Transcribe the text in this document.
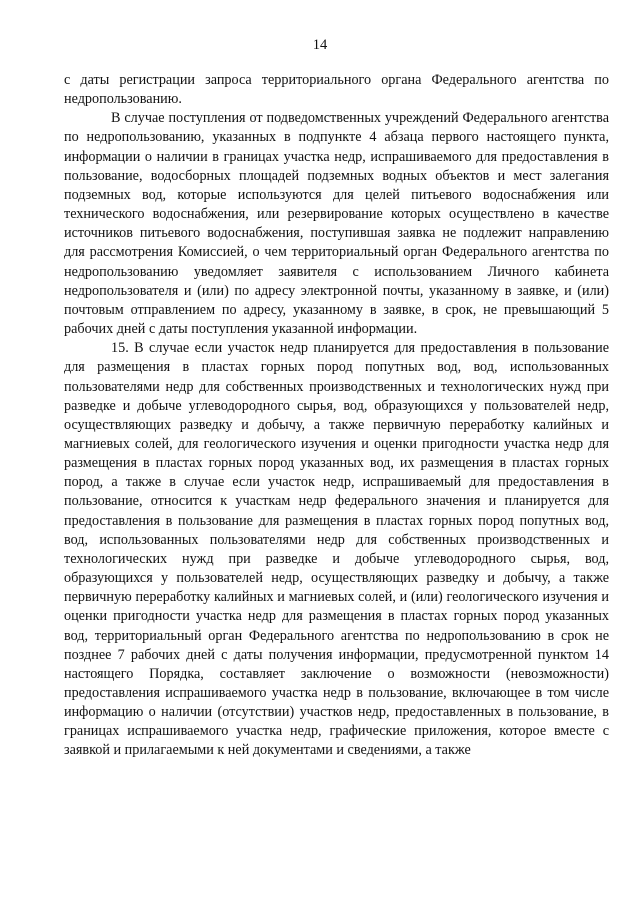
14

с даты регистрации запроса территориального органа Федерального агентства по недропользованию.

В случае поступления от подведомственных учреждений Федерального агентства по недропользованию, указанных в подпункте 4 абзаца первого настоящего пункта, информации о наличии в границах участка недр, испрашиваемого для предоставления в пользование, водосборных площадей подземных водных объектов и мест залегания подземных вод, которые используются для целей питьевого водоснабжения или технического водоснабжения, или резервирование которых осуществлено в качестве источников питьевого водоснабжения, поступившая заявка не подлежит направлению для рассмотрения Комиссией, о чем территориальный орган Федерального агентства по недропользованию уведомляет заявителя с использованием Личного кабинета недропользователя и (или) по адресу электронной почты, указанному в заявке, и (или) почтовым отправлением по адресу, указанному в заявке, в срок, не превышающий 5 рабочих дней с даты поступления указанной информации.

15. В случае если участок недр планируется для предоставления в пользование для размещения в пластах горных пород попутных вод, вод, использованных пользователями недр для собственных производственных и технологических нужд при разведке и добыче углеводородного сырья, вод, образующихся у пользователей недр, осуществляющих разведку и добычу, а также первичную переработку калийных и магниевых солей, для геологического изучения и оценки пригодности участка недр для размещения в пластах горных пород указанных вод, их размещения в пластах горных пород, а также в случае если участок недр, испрашиваемый для предоставления в пользование, относится к участкам недр федерального значения и планируется для предоставления в пользование для размещения в пластах горных пород попутных вод, вод, использованных пользователями недр для собственных производственных и технологических нужд при разведке и добыче углеводородного сырья, вод, образующихся у пользователей недр, осуществляющих разведку и добычу, а также первичную переработку калийных и магниевых солей, и (или) геологического изучения и оценки пригодности участка недр для размещения в пластах горных пород указанных вод, территориальный орган Федерального агентства по недропользованию в срок не позднее 7 рабочих дней с даты получения информации, предусмотренной пунктом 14 настоящего Порядка, составляет заключение о возможности (невозможности) предоставления испрашиваемого участка недр в пользование, включающее в том числе информацию о наличии (отсутствии) участков недр, предоставленных в пользование, в границах испрашиваемого участка недр, графические приложения, которое вместе с заявкой и прилагаемыми к ней документами и сведениями, а также
